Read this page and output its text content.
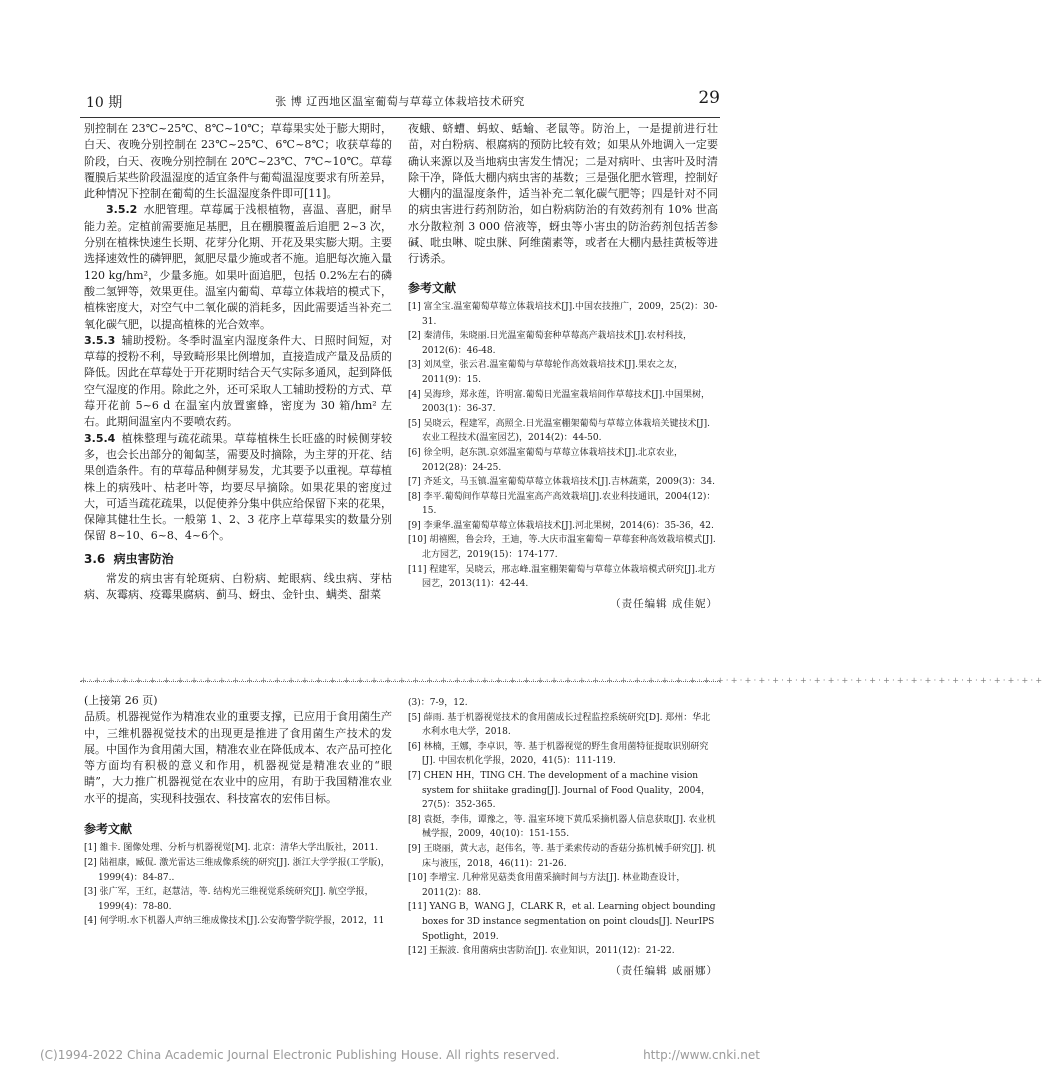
10 期	张 博 辽西地区温室葡萄与草莓立体栽培技术研究	29

别控制在 23℃~25℃、8℃~10℃；草莓果实处于膨大期时，白天、夜晚分别控制在 23℃~25℃、6℃~8℃；收获草莓的阶段，白天、夜晚分别控制在 20℃~23℃、7℃~10℃。草莓覆膜后某些阶段温湿度的适宜条件与葡萄温湿度要求有所差异，此种情况下控制在葡萄的生长温湿度条件即可[11]。

3.5.2 水肥管理。草莓属于浅根植物，喜温、喜肥，耐旱能力差。定植前需要施足基肥，且在棚膜覆盖后追肥 2~3 次，分别在植株快速生长期、花芽分化期、开花及果实膨大期。主要选择速效性的磷钾肥，氮肥尽量少施或者不施。追肥每次施入量 120 kg/hm²，少量多施。如果叶面追肥，包括 0.2%左右的磷酸二氢钾等，效果更佳。温室内葡萄、草莓立体栽培的模式下，植株密度大，对空气中二氧化碳的消耗多，因此需要适当补充二氧化碳气肥，以提高植株的光合效率。

3.5.3 辅助授粉。冬季时温室内湿度条件大、日照时间短，对草莓的授粉不利，导致畸形果比例增加，直接造成产量及品质的降低。因此在草莓处于开花期时结合天气实际多通风，起到降低空气湿度的作用。除此之外，还可采取人工辅助授粉的方式、草莓开花前 5~6 d 在温室内放置蜜蜂，密度为 30 箱/hm² 左右。此期间温室内不要喷农药。

3.5.4 植株整理与疏花疏果。草莓植株生长旺盛的时候侧芽较多，也会长出部分的匍匐茎，需要及时摘除，为主芽的开花、结果创造条件。有的草莓品种侧芽易发，尤其要予以重视。草莓植株上的病残叶、枯老叶等，均要尽早摘除。如果花果的密度过大，可适当疏花疏果，以促使养分集中供应给保留下来的花果，保障其健壮生长。一般第 1、2、3 花序上草莓果实的数量分别保留 8~10、6~8、4~6个。

3.6 病虫害防治

常发的病虫害有轮斑病、白粉病、蛇眼病、线虫病、芽枯病、灰霉病、疫霉果腐病、蓟马、蚜虫、金针虫、螨类、甜菜

夜蛾、蛴螬、蚂蚁、蛞蝓、老鼠等。防治上，一是提前进行壮苗，对白粉病、根腐病的预防比较有效；如果从外地调入一定要确认来源以及当地病虫害发生情况；二是对病叶、虫害叶及时清除干净，降低大棚内病虫害的基数；三是强化肥水管理，控制好大棚内的温湿度条件，适当补充二氧化碳气肥等；四是针对不同的病虫害进行药剂防治，如白粉病防治的有效药剂有 10% 世高水分散粒剂 3 000 倍液等，蚜虫等小害虫的防治药剂包括苦参碱、吡虫啉、啶虫脒、阿维菌素等，或者在大棚内悬挂黄板等进行诱杀。

参考文献

[1] 富全宝.温室葡萄草莓立体栽培技术[J].中国农技推广，2009，25(2)：30-31.

[2] 秦清伟，朱晓丽.日光温室葡萄套种草莓高产栽培技术[J].农村科技，2012(6)：46-48.

[3] 刘凤堂，张云君.温室葡萄与草莓轮作高效栽培技术[J].果农之友，2011(9)：15.

[4] 吴海珍，郑永莲，许明富.葡萄日光温室栽培间作草莓技术[J].中国果树，2003(1)：36-37.

[5] 吴晓云，程建军，高照全.日光温室棚架葡萄与草莓立体栽培关键技术[J].农业工程技术(温室园艺)，2014(2)：44-50.

[6] 徐全明，赵东凯.京郊温室葡萄与草莓立体栽培技术[J].北京农业，2012(28)：24-25.

[7] 齐延文，马玉镇.温室葡萄草莓立体栽培技术[J].吉林蔬菜，2009(3)：34.

[8] 李平.葡萄间作草莓日光温室高产高效栽培[J].农业科技通讯，2004(12)：15.

[9] 李秉华.温室葡萄草莓立体栽培技术[J].河北果树，2014(6)：35-36，42.

[10] 胡禧熙，鲁会玲，王迪，等.大庆市温室葡萄－草莓套种高效栽培模式[J].北方园艺，2019(15)：174-177.

[11] 程建军，吴晓云，邢志峰.温室棚架葡萄与草莓立体栽培模式研究[J].北方园艺，2013(11)：42-44.

（责任编辑 成佳妮）
+·+·+·+·+·+·+·+·+·+·+·+·+·+·+·+·+·+·+·+·+·+·+·+·+·+·+·+·+·+·+·+·+·+·+·+·+·+·+·+·+·+·+·+·+·+·+·+·+·+·+·+·+·+·+·+·+·+·+·+·+·+·+·+·+·+·+·+·+·+

(上接第 26 页)

品质。机器视觉作为精准农业的重要支撑，已应用于食用菌生产中，三维机器视觉技术的出现更是推进了食用菌生产技术的发展。中国作为食用菌大国，精准农业在降低成本、农产品可控化等方面均有积极的意义和作用，机器视觉是精准农业的“眼睛”，大力推广机器视觉在农业中的应用，有助于我国精准农业水平的提高，实现科技强农、科技富农的宏伟目标。

参考文献

[1] 雒卡. 图像处理、分析与机器视觉[M]. 北京：清华大学出版社，2011.

[2] 陆祖康，臧侃. 激光雷达三维成像系统的研究[J]. 浙江大学学报(工学版)，1999(4)：84-87..

[3] 张广军，王红，赵慧洁，等. 结构光三维视觉系统研究[J]. 航空学报，1999(4)：78-80.

[4] 何学明.水下机器人声纳三维成像技术[J].公安海警学院学报，2012，11

(3)：7-9，12.

[5] 薛雨. 基于机器视觉技术的食用菌成长过程监控系统研究[D]. 郑州：华北水利水电大学，2018.

[6] 林楠，王娜，李卓识，等. 基于机器视觉的野生食用菌特征提取识别研究[J]. 中国农机化学报，2020，41(5)：111-119.

[7] CHEN HH，TING CH. The development of a machine vision system for shiitake grading[J]. Journal of Food Quality，2004，27(5)：352-365.

[8] 袁挺，李伟，谭豫之，等. 温室环境下黄瓜采摘机器人信息获取[J]. 农业机械学报，2009，40(10)：151-155.

[9] 王晓丽，黄大志，赵伟名，等. 基于柔索传动的香菇分拣机械手研究[J]. 机床与液压，2018，46(11)：21-26.

[10] 李增宝. 几种常见菇类食用菌采摘时间与方法[J]. 林业勘查设计，2011(2)：88.

[11] YANG B，WANG J，CLARK R，et al. Learning object bounding boxes for 3D instance segmentation on point clouds[J]. NeurIPS Spotlight，2019.

[12] 王振波. 食用菌病虫害防治[J]. 农业知识，2011(12)：21-22.

（责任编辑 戚丽娜）
(C)1994-2022 China Academic Journal Electronic Publishing House. All rights reserved.	http://www.cnki.net
